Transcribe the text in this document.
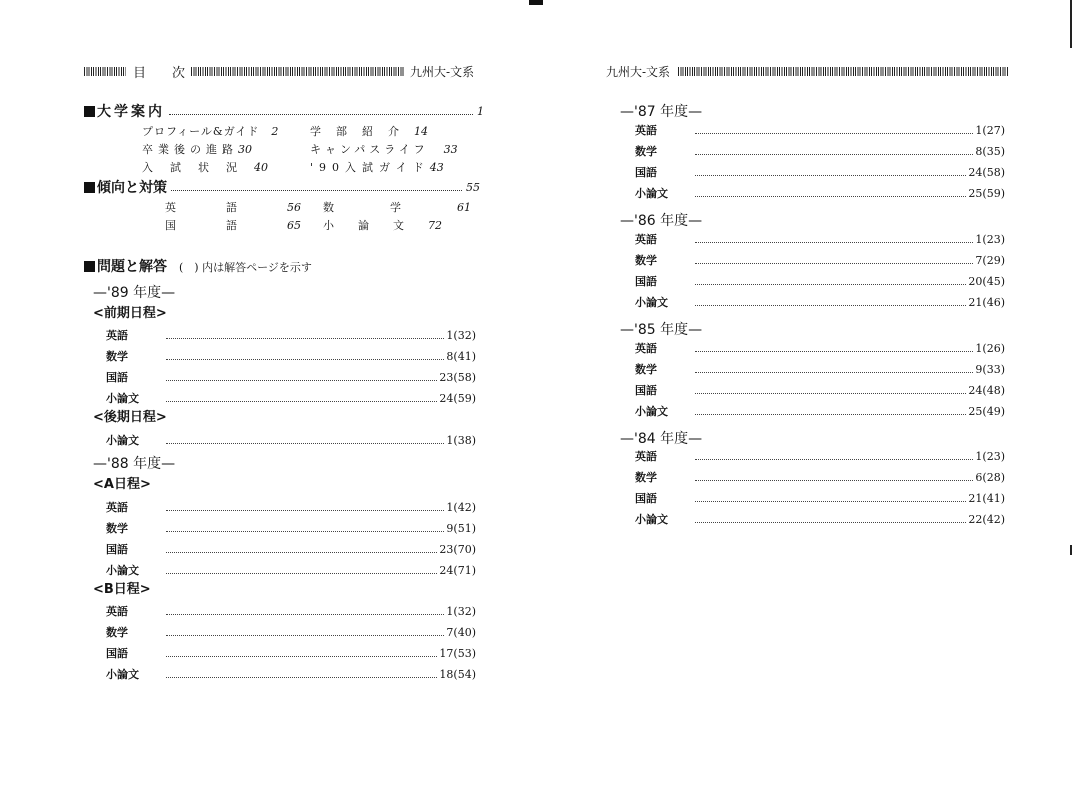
目 次	九州大-文系	九州大-文系
大学案内	1
プロフィール&ガイド　 2	学部紹介14
卒業後の進路30	キャンパスライフ　 33
入試状況40	'90入試ガイド43
傾向と対策	55
英語56 数学61
国語65 小論文72
問題と解答 (　) 内は解答ページを示す
—'89 年度—
<前期日程>
英語	1(32)
数学	8(41)
国語	23(58)
小論文	24(59)
<後期日程>
小論文	1(38)
—'88 年度—
<A日程>
英語	1(42)
数学	9(51)
国語	23(70)
小論文	24(71)
<B日程>
英語	1(32)
数学	7(40)
国語	17(53)
小論文	18(54)
—'87 年度—
英語	1(27)
数学	8(35)
国語	24(58)
小論文	25(59)
—'86 年度—
英語	1(23)
数学	7(29)
国語	20(45)
小論文	21(46)
—'85 年度—
英語	1(26)
数学	9(33)
国語	24(48)
小論文	25(49)
—'84 年度—
英語	1(23)
数学	6(28)
国語	21(41)
小論文	22(42)
